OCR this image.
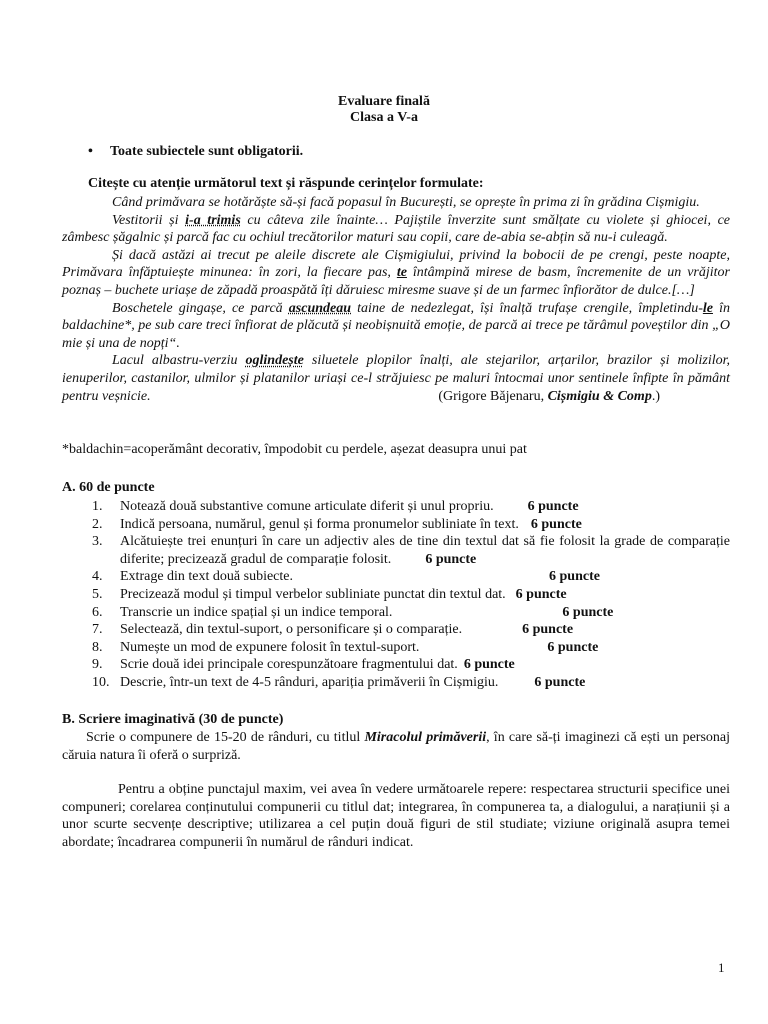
Evaluare finală
Clasa a V-a
• Toate subiectele sunt obligatorii.
Citește cu atenție următorul text și răspunde cerințelor formulate:

Când primăvara se hotărăște să-și facă popasul în București, se oprește în prima zi în grădina Cișmigiu.

Vestitorii și i-a trimis cu câteva zile înainte… Pajiștile înverzite sunt smălțate cu violete și ghiocei, ce zâmbesc șăgalnic și parcă fac cu ochiul trecătorilor maturi sau copii, care de-abia se-abțin să nu-i culeagă.

Și dacă astăzi ai trecut pe aleile discrete ale Cișmigiului, privind la bobocii de pe crengi, peste noapte, Primăvara înfăptuiește minunea: în zori, la fiecare pas, te întâmpină mirese de basm, încremenite de un vrăjitor poznaș – buchete uriașe de zăpadă proaspătă îți dăruiesc miresme suave și de un farmec înfiorător de dulce.[…]

Boschetele gingașe, ce parcă ascundeau taine de nedezlegat, își înalță trufașe crengile, împletindu-le în baldachine*, pe sub care treci înfiorat de plăcută și neobișnuită emoție, de parcă ai trece pe tărâmul poveștilor din „O mie și una de nopți“.

Lacul albastru-verziu oglindește siluetele plopilor înalți, ale stejarilor, arțarilor, brazilor și molizilor, ienuperilor, castanilor, ulmilor și platanilor uriași ce-l străjuiesc pe maluri întocmai unor sentinele înfipte în pământ pentru veșnicie.	(Grigore Băjenaru, Cișmigiu & Comp.)

*baldachin=acoperământ decorativ, împodobit cu perdele, așezat deasupra unui pat
A. 60 de puncte
1.	Notează două substantive comune articulate diferit și unul propriu. 6 puncte
2.	Indică persoana, numărul, genul și forma pronumelor subliniate în text. 6 puncte
3.	Alcătuiește trei enunțuri în care un adjectiv ales de tine din textul dat să fie folosit la grade de comparație diferite; precizează gradul de comparație folosit. 6 puncte
4.	Extrage din text două subiecte.	6 puncte
5.	Precizează modul și timpul verbelor subliniate punctat din textul dat. 6 puncte
6.	Transcrie un indice spațial și un indice temporal.	6 puncte
7.	Selectează, din textul-suport, o personificare și o comparație.	6 puncte
8.	Numește un mod de expunere folosit în textul-suport.	6 puncte
9.	Scrie două idei principale corespunzătoare fragmentului dat. 6 puncte
10. Descrie, într-un text de 4-5 rânduri, apariția primăverii în Cișmigiu.	6 puncte
B. Scriere imaginativă (30 de puncte)
Scrie o compunere de 15-20 de rânduri, cu titlul Miracolul primăverii, în care să-ți imaginezi că ești un personaj căruia natura îi oferă o surpriză.
Pentru a obține punctajul maxim, vei avea în vedere următoarele repere: respectarea structurii specifice unei compuneri; corelarea conținutului compunerii cu titlul dat; integrarea, în compunerea ta, a dialogului, a narațiunii și a unor scurte secvențe descriptive; utilizarea a cel puțin două figuri de stil studiate; viziune originală asupra temei abordate; încadrarea compunerii în numărul de rânduri indicat.
1
